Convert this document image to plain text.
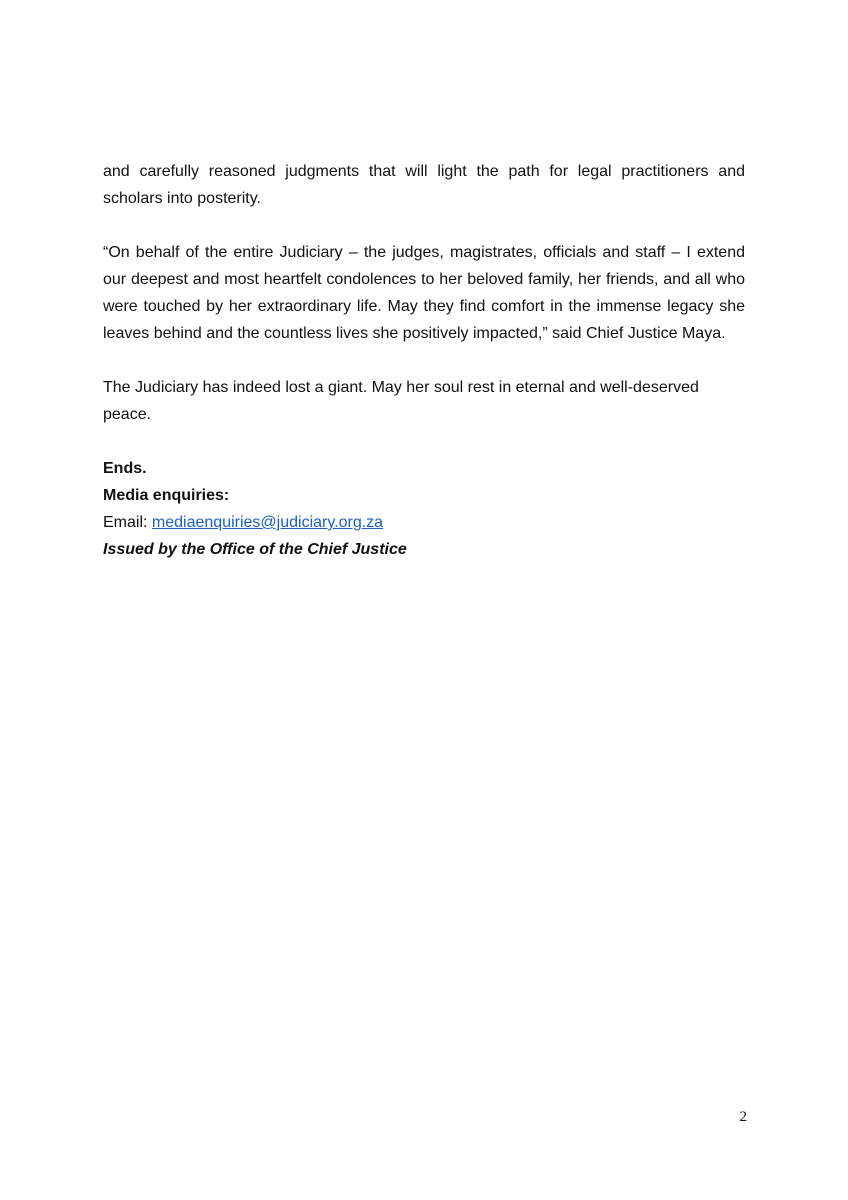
and carefully reasoned judgments that will light the path for legal practitioners and scholars into posterity.

“On behalf of the entire Judiciary – the judges, magistrates, officials and staff – I extend our deepest and most heartfelt condolences to her beloved family, her friends, and all who were touched by her extraordinary life. May they find comfort in the immense legacy she leaves behind and the countless lives she positively impacted,” said Chief Justice Maya.

The Judiciary has indeed lost a giant. May her soul rest in eternal and well-deserved peace.

Ends.

Media enquiries:

Email: mediaenquiries@judiciary.org.za

Issued by the Office of the Chief Justice

2
